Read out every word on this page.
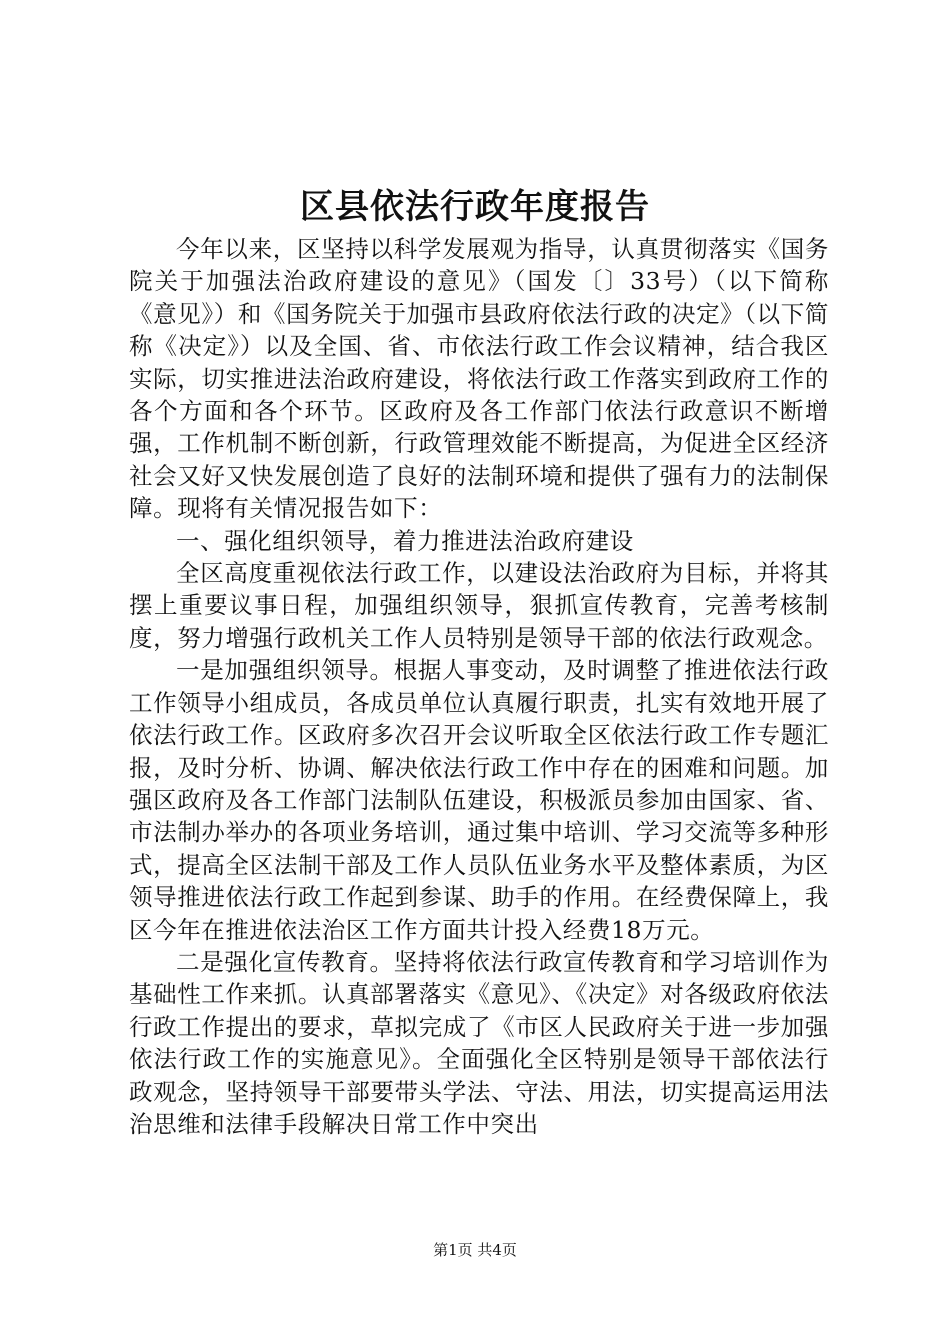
区县依法行政年度报告

今年以来，区坚持以科学发展观为指导，认真贯彻落实《国务院关于加强法治政府建设的意见》（国发〔〕33号）（以下简称《意见》）和《国务院关于加强市县政府依法行政的决定》（以下简称《决定》）以及全国、省、市依法行政工作会议精神，结合我区实际，切实推进法治政府建设，将依法行政工作落实到政府工作的各个方面和各个环节。区政府及各工作部门依法行政意识不断增强，工作机制不断创新，行政管理效能不断提高，为促进全区经济社会又好又快发展创造了良好的法制环境和提供了强有力的法制保障。现将有关情况报告如下：

一、强化组织领导，着力推进法治政府建设

全区高度重视依法行政工作，以建设法治政府为目标，并将其摆上重要议事日程，加强组织领导，狠抓宣传教育，完善考核制度，努力增强行政机关工作人员特别是领导干部的依法行政观念。

一是加强组织领导。根据人事变动，及时调整了推进依法行政工作领导小组成员，各成员单位认真履行职责，扎实有效地开展了依法行政工作。区政府多次召开会议听取全区依法行政工作专题汇报，及时分析、协调、解决依法行政工作中存在的困难和问题。加强区政府及各工作部门法制队伍建设，积极派员参加由国家、省、市法制办举办的各项业务培训，通过集中培训、学习交流等多种形式，提高全区法制干部及工作人员队伍业务水平及整体素质，为区领导推进依法行政工作起到参谋、助手的作用。在经费保障上，我区今年在推进依法治区工作方面共计投入经费18万元。

二是强化宣传教育。坚持将依法行政宣传教育和学习培训作为基础性工作来抓。认真部署落实《意见》、《决定》对各级政府依法行政工作提出的要求，草拟完成了《市区人民政府关于进一步加强依法行政工作的实施意见》。全面强化全区特别是领导干部依法行政观念，坚持领导干部要带头学法、守法、用法，切实提高运用法治思维和法律手段解决日常工作中突出

第1页 共4页
